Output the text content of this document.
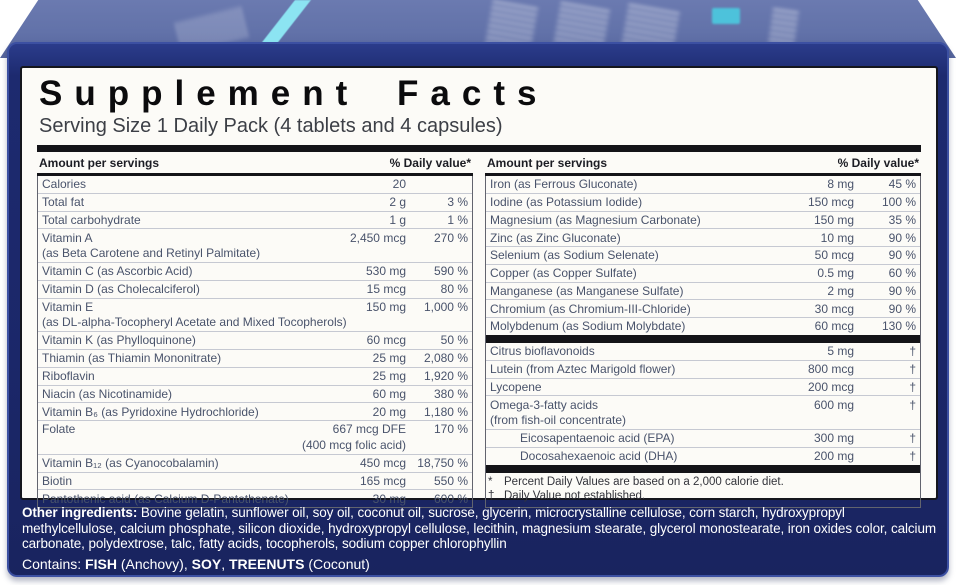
Supplement Facts
Serving Size 1 Daily Pack (4 tablets and 4 capsules)
Amount per servings	% Daily value*
Calories	20
Total fat	2 g	3 %
Total carbohydrate	1 g	1 %
Vitamin A	2,450 mcg	270 %
(as Beta Carotene and Retinyl Palmitate)
Vitamin C (as Ascorbic Acid)	530 mg	590 %
Vitamin D (as Cholecalciferol)	15 mcg	80 %
Vitamin E	150 mg	1,000 %
(as DL-alpha-Tocopheryl Acetate and Mixed Tocopherols)
Vitamin K (as Phylloquinone)	60 mcg	50 %
Thiamin (as Thiamin Mononitrate)	25 mg	2,080 %
Riboflavin	25 mg	1,920 %
Niacin (as Nicotinamide)	60 mg	380 %
Vitamin B₆ (as Pyridoxine Hydrochloride)	20 mg	1,180 %
Folate	667 mcg DFE	170 %
(400 mcg folic acid)
Vitamin B₁₂ (as Cyanocobalamin)	450 mcg 18,750 %
Biotin	165 mcg	550 %
Pantothenic acid (as Calcium D-Pantothenate)	30 mg	600 %
Amount per servings	% Daily value*
Iron (as Ferrous Gluconate)	8 mg	45 %
Iodine (as Potassium Iodide)	150 mcg	100 %
Magnesium (as Magnesium Carbonate)	150 mg	35 %
Zinc (as Zinc Gluconate)	10 mg	90 %
Selenium (as Sodium Selenate)	50 mcg	90 %
Copper (as Copper Sulfate)	0.5 mg	60 %
Manganese (as Manganese Sulfate)	2 mg	90 %
Chromium (as Chromium-III-Chloride)	30 mcg	90 %
Molybdenum (as Sodium Molybdate)	60 mcg	130 %
Citrus bioflavonoids	5 mg	†
Lutein (from Aztec Marigold flower)	800 mcg	†
Lycopene	200 mcg	†
Omega-3-fatty acids	600 mg	†
(from fish-oil concentrate)
Eicosapentaenoic acid (EPA)	300 mg	†
Docosahexaenoic acid (DHA)	200 mg	†
*	Percent Daily Values are based on a 2,000 calorie diet.
† Daily Value not established.
Other ingredients: Bovine gelatin, sunflower oil, soy oil, coconut oil, sucrose, glycerin, microcrystalline cellulose, corn starch, hydroxypropyl methylcellulose, calcium phosphate, silicon dioxide, hydroxypropyl cellulose, lecithin, magnesium stearate, glycerol monostearate, iron oxides color, calcium carbonate, polydextrose, talc, fatty acids, tocopherols, sodium copper chlorophyllin
Contains: FISH (Anchovy), SOY, TREENUTS (Coconut)
